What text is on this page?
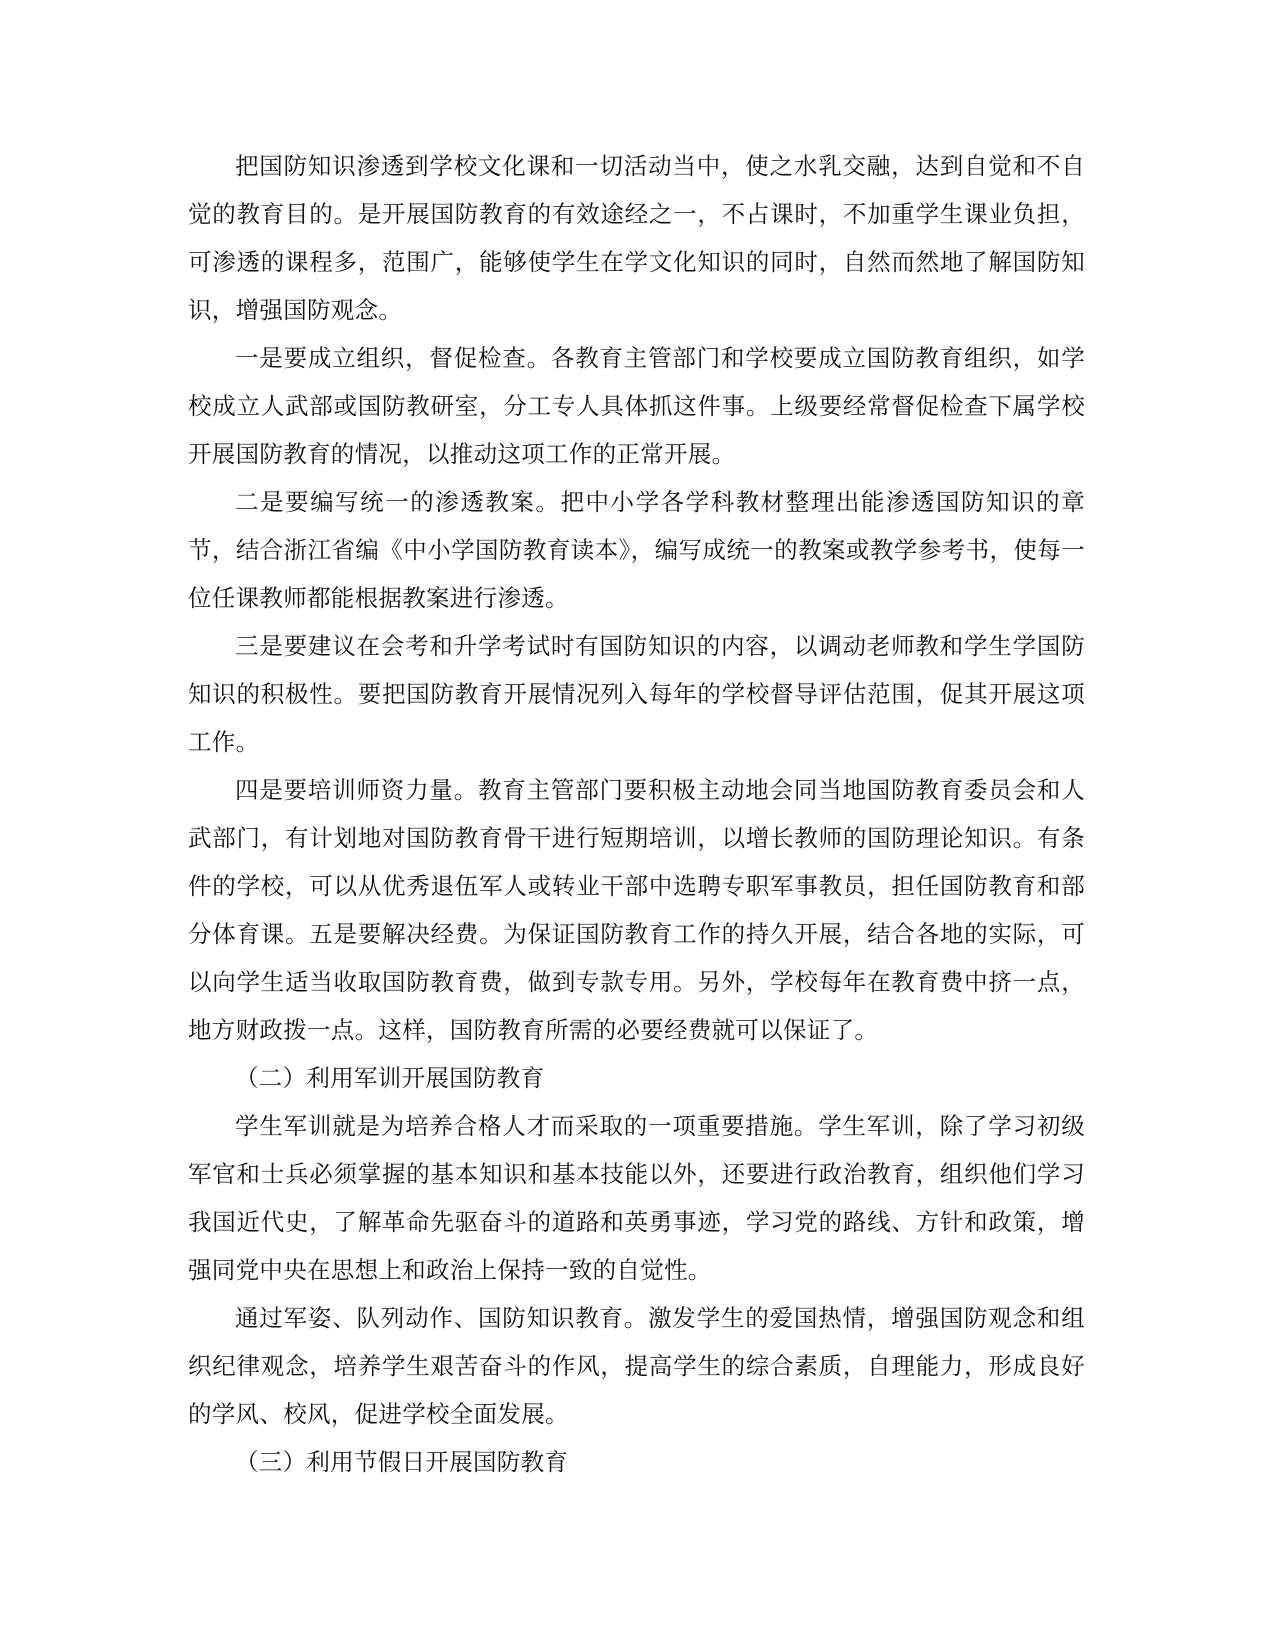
把国防知识渗透到学校文化课和一切活动当中，使之水乳交融，达到自觉和不自觉的教育目的。是开展国防教育的有效途经之一，不占课时，不加重学生课业负担，可渗透的课程多，范围广，能够使学生在学文化知识的同时，自然而然地了解国防知识，增强国防观念。

一是要成立组织，督促检查。各教育主管部门和学校要成立国防教育组织，如学校成立人武部或国防教研室，分工专人具体抓这件事。上级要经常督促检查下属学校开展国防教育的情况，以推动这项工作的正常开展。

二是要编写统一的渗透教案。把中小学各学科教材整理出能渗透国防知识的章节，结合浙江省编《中小学国防教育读本》，编写成统一的教案或教学参考书，使每一位任课教师都能根据教案进行渗透。

三是要建议在会考和升学考试时有国防知识的内容，以调动老师教和学生学国防知识的积极性。要把国防教育开展情况列入每年的学校督导评估范围，促其开展这项工作。

四是要培训师资力量。教育主管部门要积极主动地会同当地国防教育委员会和人武部门，有计划地对国防教育骨干进行短期培训，以增长教师的国防理论知识。有条件的学校，可以从优秀退伍军人或转业干部中选聘专职军事教员，担任国防教育和部分体育课。五是要解决经费。为保证国防教育工作的持久开展，结合各地的实际，可以向学生适当收取国防教育费，做到专款专用。另外，学校每年在教育费中挤一点，地方财政拨一点。这样，国防教育所需的必要经费就可以保证了。

（二）利用军训开展国防教育

学生军训就是为培养合格人才而采取的一项重要措施。学生军训，除了学习初级军官和士兵必须掌握的基本知识和基本技能以外，还要进行政治教育，组织他们学习我国近代史，了解革命先驱奋斗的道路和英勇事迹，学习党的路线、方针和政策，增强同党中央在思想上和政治上保持一致的自觉性。

通过军姿、队列动作、国防知识教育。激发学生的爱国热情，增强国防观念和组织纪律观念，培养学生艰苦奋斗的作风，提高学生的综合素质，自理能力，形成良好的学风、校风，促进学校全面发展。

（三）利用节假日开展国防教育
